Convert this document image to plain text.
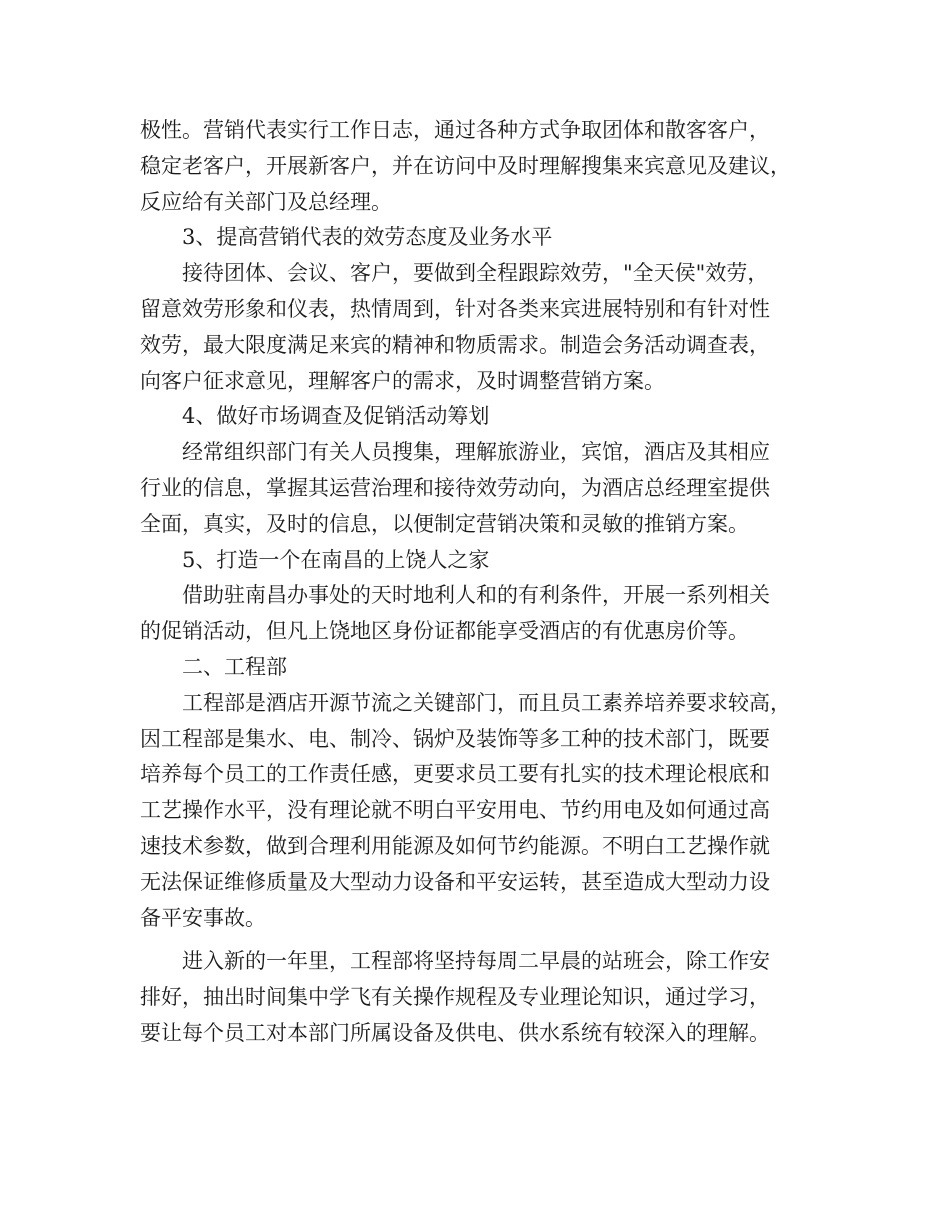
极性。营销代表实行工作日志，通过各种方式争取团体和散客客户，
稳定老客户，开展新客户，并在访问中及时理解搜集来宾意见及建议，
反应给有关部门及总经理。
3、提高营销代表的效劳态度及业务水平
接待团体、会议、客户，要做到全程跟踪效劳，"全天侯"效劳，
留意效劳形象和仪表，热情周到，针对各类来宾进展特别和有针对性
效劳，最大限度满足来宾的精神和物质需求。制造会务活动调查表，
向客户征求意见，理解客户的需求，及时调整营销方案。
4、做好市场调查及促销活动筹划
经常组织部门有关人员搜集，理解旅游业，宾馆，酒店及其相应
行业的信息，掌握其运营治理和接待效劳动向，为酒店总经理室提供
全面，真实，及时的信息，以便制定营销决策和灵敏的推销方案。
5、打造一个在南昌的上饶人之家
借助驻南昌办事处的天时地利人和的有利条件，开展一系列相关
的促销活动，但凡上饶地区身份证都能享受酒店的有优惠房价等。
二、工程部
工程部是酒店开源节流之关键部门，而且员工素养培养要求较高，
因工程部是集水、电、制冷、锅炉及装饰等多工种的技术部门，既要
培养每个员工的工作责任感，更要求员工要有扎实的技术理论根底和
工艺操作水平，没有理论就不明白平安用电、节约用电及如何通过高
速技术参数，做到合理利用能源及如何节约能源。不明白工艺操作就
无法保证维修质量及大型动力设备和平安运转，甚至造成大型动力设
备平安事故。
进入新的一年里，工程部将坚持每周二早晨的站班会，除工作安
排好，抽出时间集中学飞有关操作规程及专业理论知识，通过学习，
要让每个员工对本部门所属设备及供电、供水系统有较深入的理解。
